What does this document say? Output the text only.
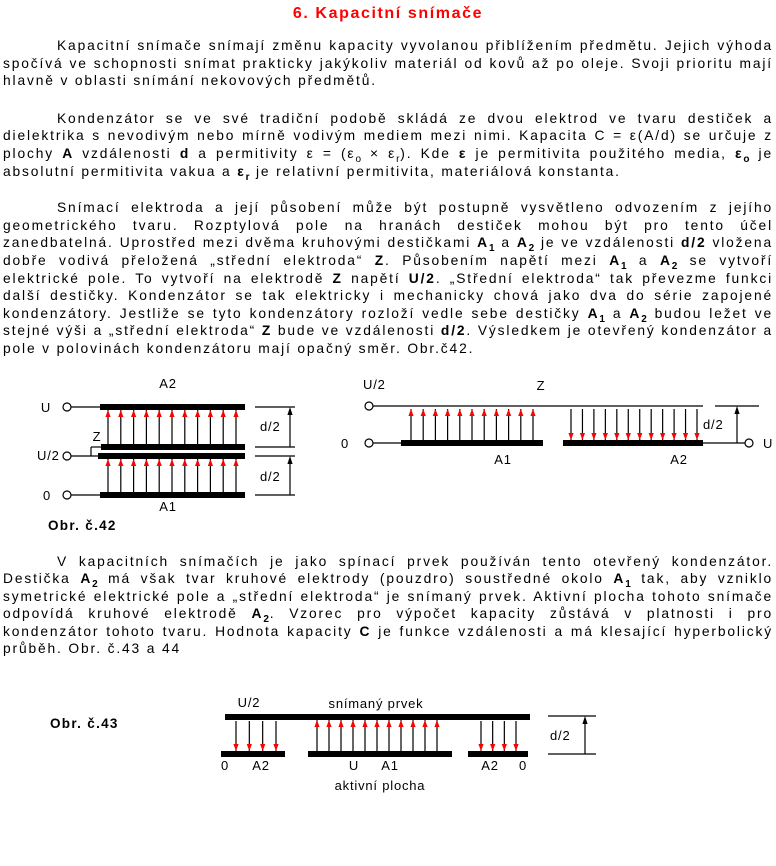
6. Kapacitní snímače

Kapacitní snímače snímají změnu kapacity vyvolanou přiblížením předmětu. Jejich výhoda spočívá ve schopnosti snímat prakticky jakýkoliv materiál od kovů až po oleje. Svoji prioritu mají hlavně v oblasti snímání nekovových předmětů.

Kondenzátor se ve své tradiční podobě skládá ze dvou elektrod ve tvaru destiček a dielektrika s nevodivým nebo mírně vodivým mediem mezi nimi. Kapacita C = ε(A/d) se určuje z plochy A vzdálenosti d a permitivity $\varepsilon = (\varepsilon_o \times \varepsilon_r)$. Kde ε je permitivita použitého media, $\varepsilon_o$ je absolutní permitivita vakua a $\varepsilon_r$ je relativní permitivita, materiálová konstanta.

Snímací elektroda a její působení může být postupně vysvětleno odvozením z jejího geometrického tvaru. Rozptylová pole na hranách destiček mohou být pro tento účel zanedbatelná. Uprostřed mezi dvěma kruhovými destičkami $A_1$ a $A_2$ je ve vzdálenosti d/2 vložena dobře vodivá přeložená „střední elektroda“ Z. Působením napětí mezi $A_1$ a $A_2$ se vytvoří elektrické pole. To vytvoří na elektrodě Z napětí U/2. „Střední elektroda“ tak převezme funkci další destičky. Kondenzátor se tak elektricky i mechanicky chová jako dva do série zapojené kondenzátory. Jestliže se tyto kondenzátory rozloží vedle sebe destičky $A_1$ a $A_2$ budou ležet ve stejné výši a „střední elektroda“ Z bude ve vzdálenosti d/2. Výsledkem je otevřený kondenzátor a pole v polovinách kondenzátoru mají opačný směr. Obr.č42.

A2
U
Z
U/2
0
A1
d/2
d/2
Obr. č.42
U/2	Z
0	U
A1	A2
d/2

V kapacitních snímačích je jako spínací prvek používán tento otevřený kondenzátor. Destička $A_2$ má však tvar kruhové elektrody (pouzdro) soustředné okolo $A_1$ tak, aby vzniklo symetrické elektrické pole a „střední elektroda“ je snímaný prvek. Aktivní plocha tohoto snímače odpovídá kruhové elektrodě $A_2$. Vzorec pro výpočet kapacity zůstává v platnosti i pro kondenzátor tohoto tvaru. Hodnota kapacity C je funkce vzdálenosti a má klesající hyperbolický průběh. Obr. č.43 a 44

Obr. č.43
U/2	snímaný prvek
0 A2	U A1	A2 0
aktivní plocha
d/2
